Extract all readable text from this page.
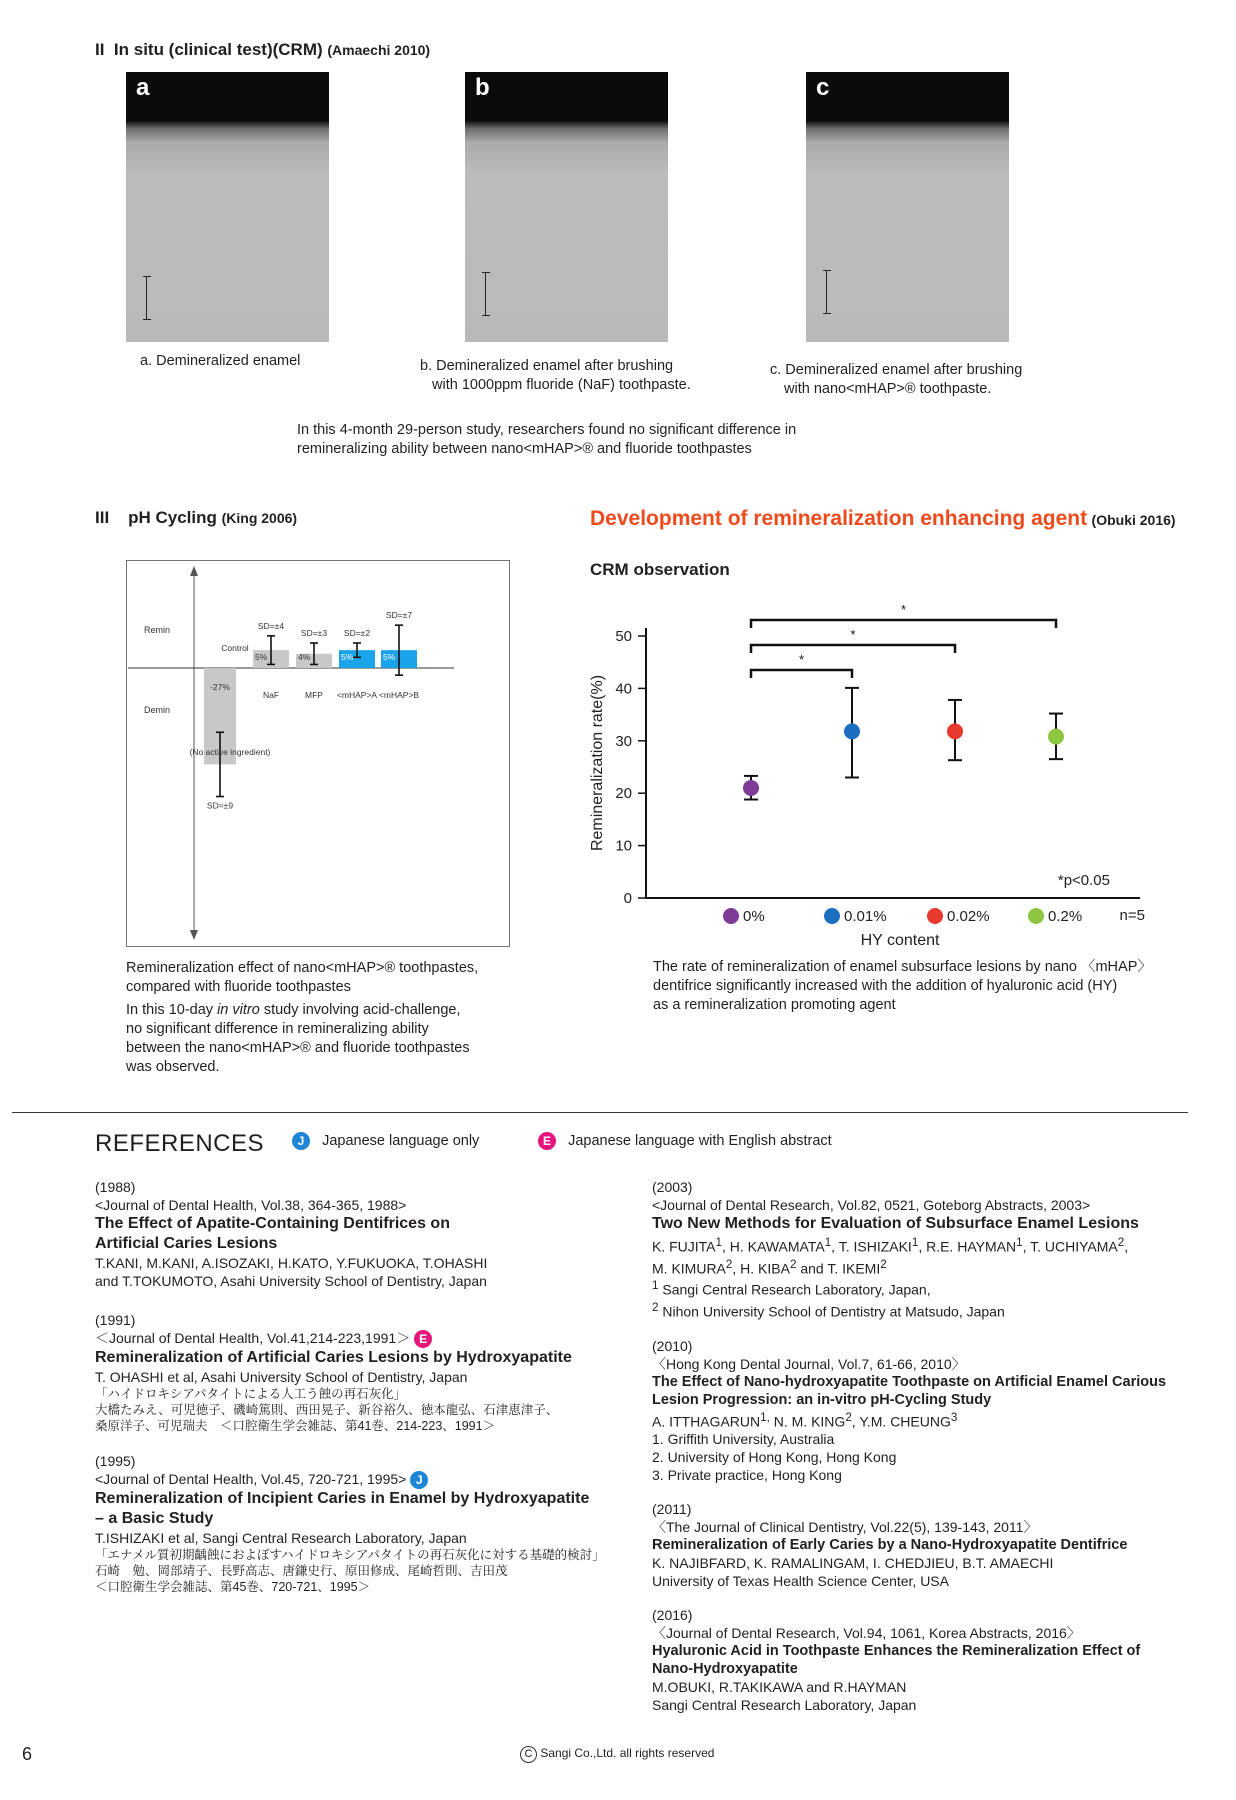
II In situ (clinical test)(CRM) (Amaechi 2010)
a	b	c
a. Demineralized enamel	b. Demineralized enamel after brushing
with 1000ppm fluoride (NaF) toothpaste.
c. Demineralized enamel after brushing
with nano<mHAP>® toothpaste.
In this 4-month 29-person study, researchers found no significant difference in
remineralizing ability between nano<mHAP>® and fluoride toothpastes
III pH Cycling (King 2006)
Remin
Demin
SD=±9
-27%
Control
SD=±4
5%
NaF
SD=±3
4%
MFP
SD=±2
5%
<mHAP>A
SD=±7
5%
<mHAP>B
(No active ingredient)
Remineralization effect of nano<mHAP>® toothpastes,
compared with fluoride toothpastes
In this 10-day in vitro study involving acid-challenge,
no significant difference in remineralizing ability
between the nano<mHAP>® and fluoride toothpastes
was observed.
Development of remineralization enhancing agent (Obuki 2016)
CRM observation
Remineralization rate(%)
HY content
*p<0.05
n=5
0
10
20
30
40
50
0%	0.01%	0.02%	0.2%
*
*
*
The rate of remineralization of enamel subsurface lesions by nano 〈mHAP〉
dentifrice significantly increased with the addition of hyaluronic acid (HY)
as a remineralization promoting agent
REFERENCES	J Japanese language only	E Japanese language with English abstract
(1988)
<Journal of Dental Health, Vol.38, 364-365, 1988>
The Effect of Apatite-Containing Dentifrices on
Artificial Caries Lesions
T.KANI, M.KANI, A.ISOZAKI, H.KATO, Y.FUKUOKA, T.OHASHI
and T.TOKUMOTO, Asahi University School of Dentistry, Japan
(1991)
＜Journal of Dental Health, Vol.41,214-223,1991＞ E
Remineralization of Artificial Caries Lesions by Hydroxyapatite
T. OHASHI et al, Asahi University School of Dentistry, Japan
「ハイドロキシアパタイトによる人工う蝕の再石灰化」
大橋たみえ、可児徳子、磯崎篤則、西田晃子、新谷裕久、徳本龍弘、石津恵津子、
桑原洋子、可児瑞夫　＜口腔衛生学会雑誌、第41巻、214-223、1991＞
(1995)
<Journal of Dental Health, Vol.45, 720-721, 1995> J
Remineralization of Incipient Caries in Enamel by Hydroxyapatite
– a Basic Study
T.ISHIZAKI et al, Sangi Central Research Laboratory, Japan
「エナメル質初期齲蝕におよぼすハイドロキシアパタイトの再石灰化に対する基礎的検討」
石崎　勉、岡部靖子、長野高志、唐鎌史行、原田修成、尾崎哲則、吉田茂
＜口腔衛生学会雑誌、第45巻、720-721、1995＞
(2003)
<Journal of Dental Research, Vol.82, 0521, Goteborg Abstracts, 2003>
Two New Methods for Evaluation of Subsurface Enamel Lesions
K. FUJITA$^1$, H. KAWAMATA$^1$, T. ISHIZAKI$^1$, R.E. HAYMAN$^1$, T. UCHIYAMA$^2$,
M. KIMURA$^2$, H. KIBA$^2$ and T. IKEMI$^2$
$^1$ Sangi Central Research Laboratory, Japan,
$^2$ Nihon University School of Dentistry at Matsudo, Japan
(2010)
〈Hong Kong Dental Journal, Vol.7, 61-66, 2010〉
The Effect of Nano-hydroxyapatite Toothpaste on Artificial Enamel Carious
Lesion Progression: an in-vitro pH-Cycling Study
A. $ITTHAGARUN^{1,}$ N. M. KING$^2$, Y.M. CHEUNG$^3$
1. Griffith University, Australia
2. University of Hong Kong, Hong Kong
3. Private practice, Hong Kong
(2011)
〈The Journal of Clinical Dentistry, Vol.22(5), 139-143, 2011〉
Remineralization of Early Caries by a Nano-Hydroxyapatite Dentifrice
K. NAJIBFARD, K. RAMALINGAM, I. CHEDJIEU, B.T. AMAECHI
University of Texas Health Science Center, USA
(2016)
〈Journal of Dental Research, Vol.94, 1061, Korea Abstracts, 2016〉
Hyaluronic Acid in Toothpaste Enhances the Remineralization Effect of
Nano-Hydroxyapatite
M.OBUKI, R.TAKIKAWA and R.HAYMAN
Sangi Central Research Laboratory, Japan
6	C Sangi Co.,Ltd. all rights reserved
